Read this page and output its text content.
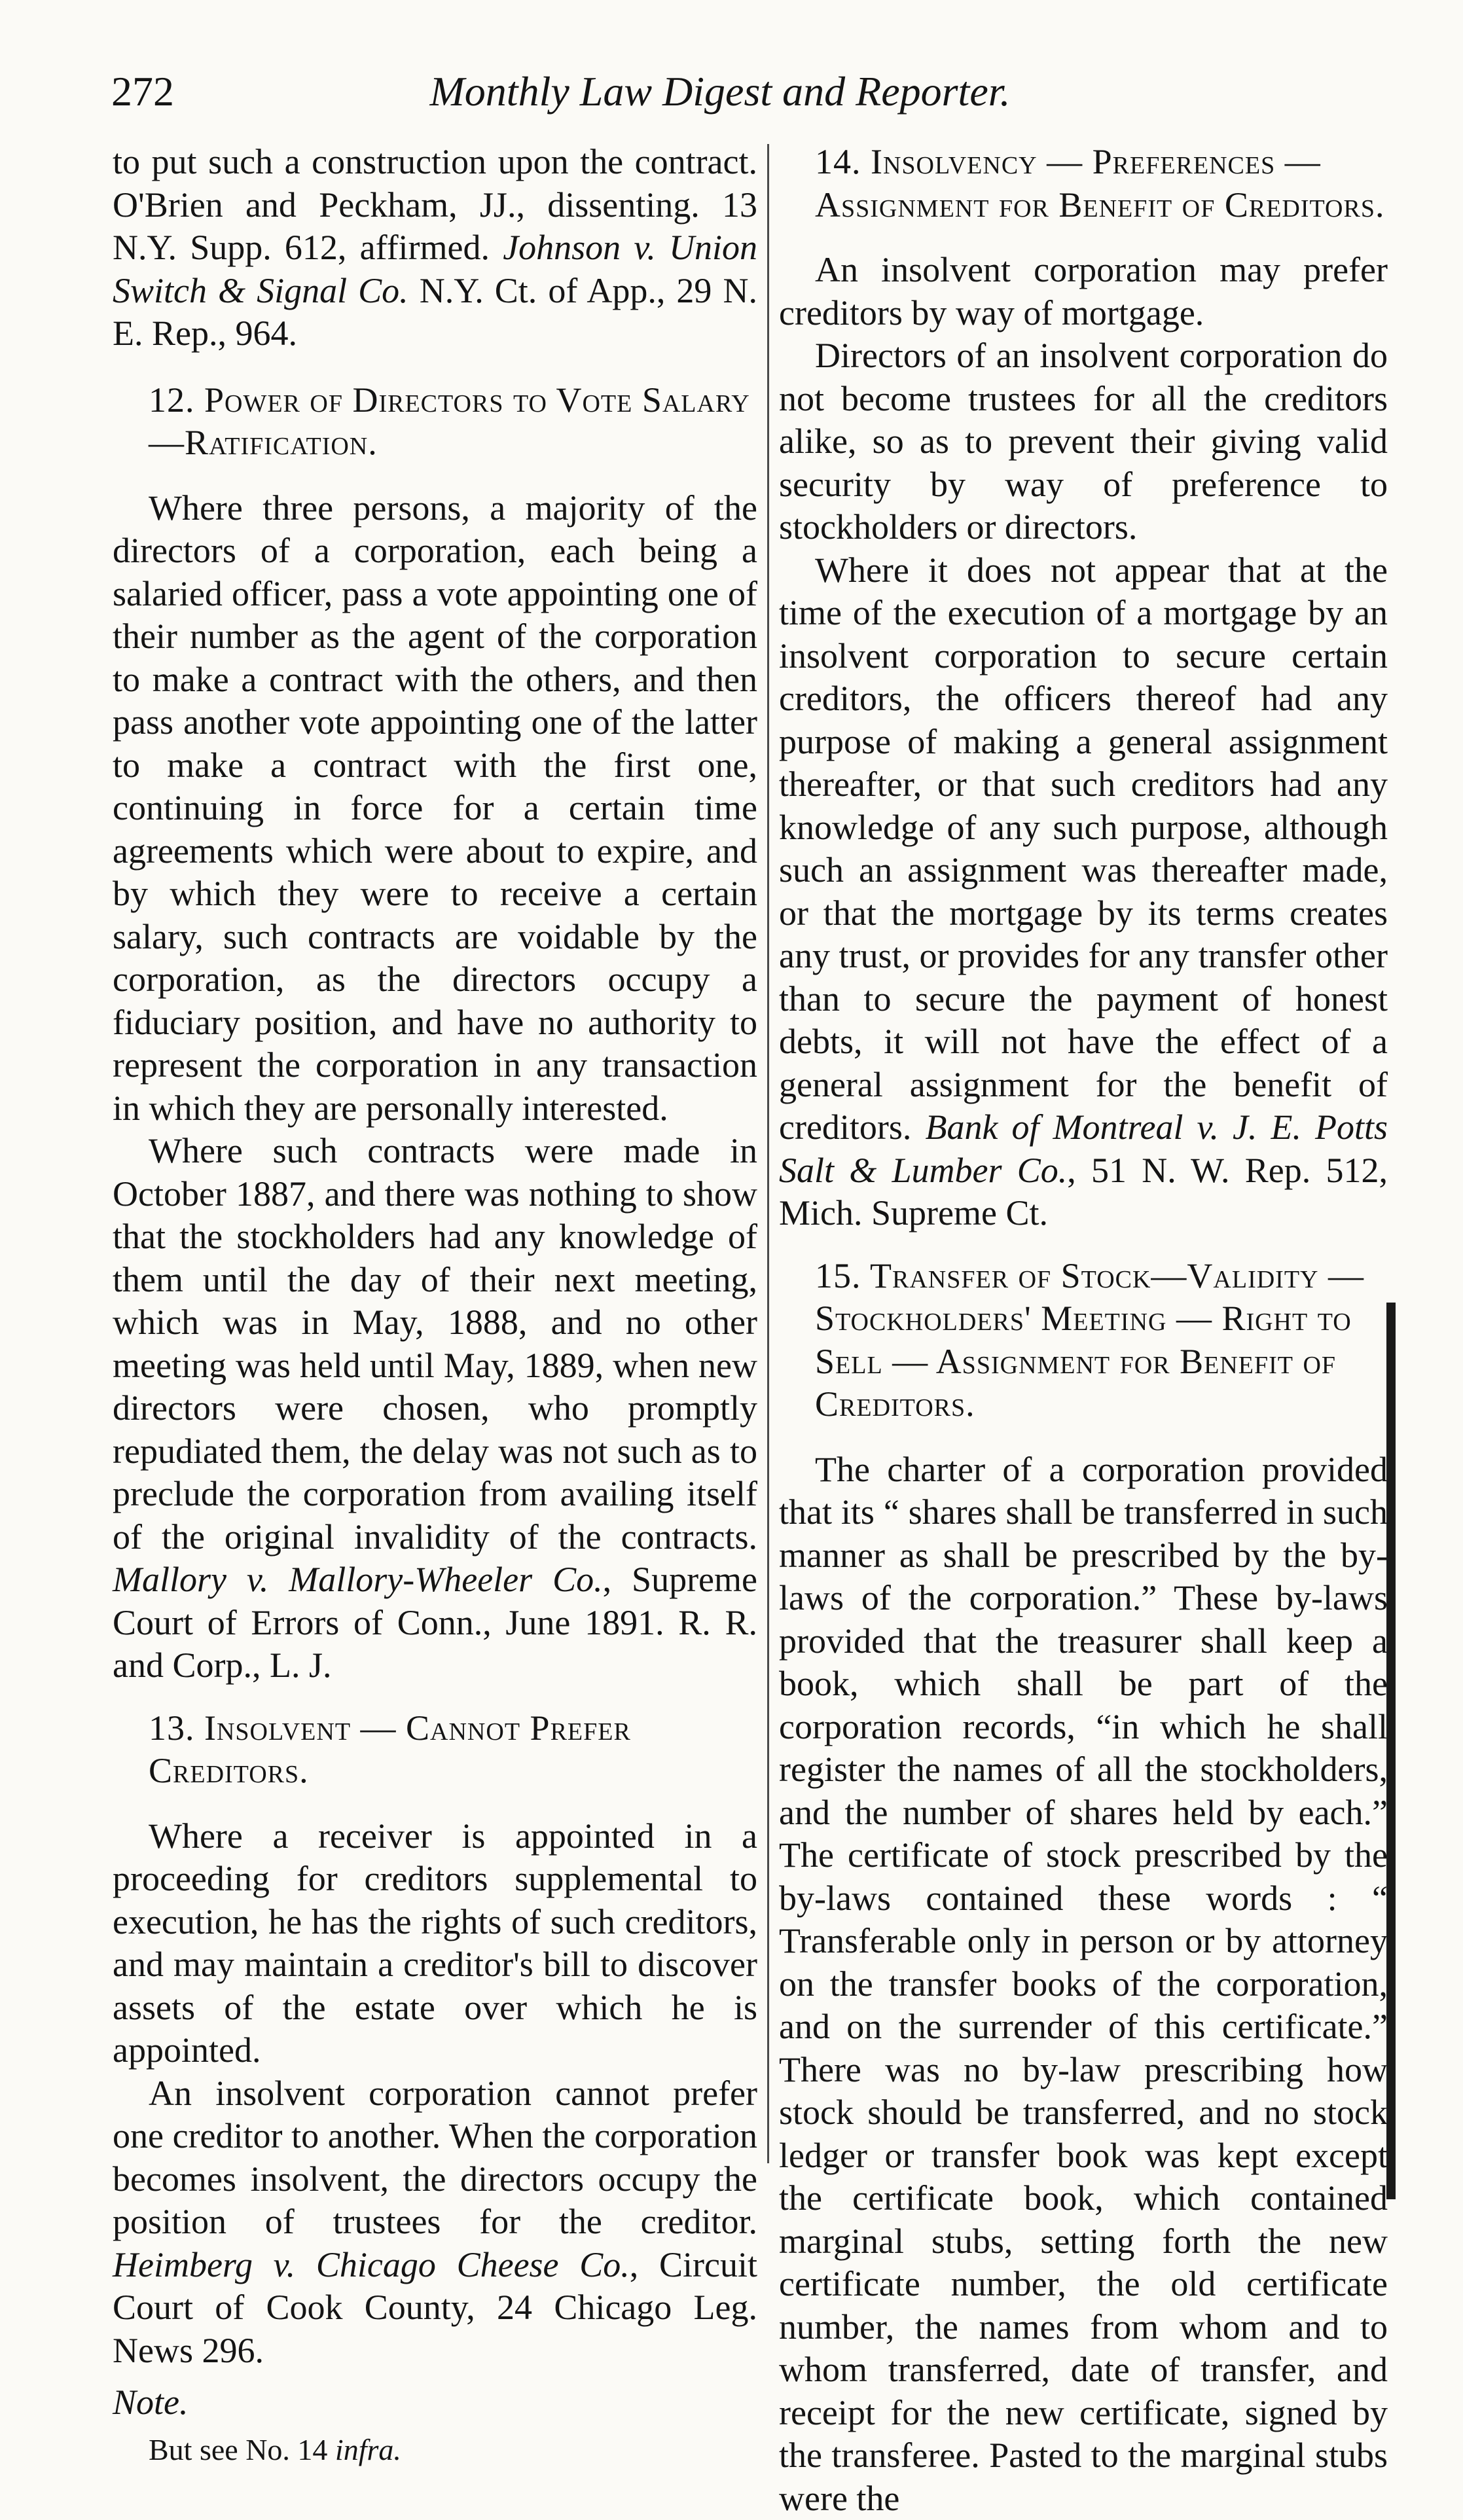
272	Monthly Law Digest and Reporter.

to put such a construction upon the contract. O'Brien and Peckham, JJ., dissenting. 13 N.Y. Supp. 612, affirmed. Johnson v. Union Switch & Signal Co. N.Y. Ct. of App., 29 N. E. Rep., 964.

12. Power of Directors to Vote Salary—Ratification.

Where three persons, a majority of the directors of a corporation, each being a salaried officer, pass a vote appointing one of their number as the agent of the corporation to make a contract with the others, and then pass another vote appointing one of the latter to make a contract with the first one, continuing in force for a certain time agreements which were about to expire, and by which they were to receive a certain salary, such contracts are voidable by the corporation, as the directors occupy a fiduciary position, and have no authority to represent the corporation in any transaction in which they are personally interested.

Where such contracts were made in October 1887, and there was nothing to show that the stockholders had any knowledge of them until the day of their next meeting, which was in May, 1888, and no other meeting was held until May, 1889, when new directors were chosen, who promptly repudiated them, the delay was not such as to preclude the corporation from availing itself of the original invalidity of the contracts. Mallory v. Mallory-Wheeler Co., Supreme Court of Errors of Conn., June 1891. R. R. and Corp., L. J.

13. Insolvent — Cannot Prefer Creditors.

Where a receiver is appointed in a proceeding for creditors supplemental to execution, he has the rights of such creditors, and may maintain a creditor's bill to discover assets of the estate over which he is appointed.

An insolvent corporation cannot prefer one creditor to another. When the corporation becomes insolvent, the directors occupy the position of trustees for the creditor. Heimberg v. Chicago Cheese Co., Circuit Court of Cook County, 24 Chicago Leg. News 296.

Note.

But see No. 14 infra.

14. Insolvency — Preferences — Assignment for Benefit of Creditors.

An insolvent corporation may prefer creditors by way of mortgage.

Directors of an insolvent corporation do not become trustees for all the creditors alike, so as to prevent their giving valid security by way of preference to stockholders or directors.

Where it does not appear that at the time of the execution of a mortgage by an insolvent corporation to secure certain creditors, the officers thereof had any purpose of making a general assignment thereafter, or that such creditors had any knowledge of any such purpose, although such an assignment was thereafter made, or that the mortgage by its terms creates any trust, or provides for any transfer other than to secure the payment of honest debts, it will not have the effect of a general assignment for the benefit of creditors. Bank of Montreal v. J. E. Potts Salt & Lumber Co., 51 N. W. Rep. 512, Mich. Supreme Ct.

15. Transfer of Stock—Validity — Stockholders' Meeting — Right to Sell — Assignment for Benefit of Creditors.

The charter of a corporation provided that its “ shares shall be transferred in such manner as shall be prescribed by the by-laws of the corporation.” These by-laws provided that the treasurer shall keep a book, which shall be part of the corporation records, “in which he shall register the names of all the stockholders, and the number of shares held by each.” The certificate of stock prescribed by the by-laws contained these words : “ Transferable only in person or by attorney on the transfer books of the corporation, and on the surrender of this certificate.” There was no by-law prescribing how stock should be transferred, and no stock ledger or transfer book was kept except the certificate book, which contained marginal stubs, setting forth the new certificate number, the old certificate number, the names from whom and to whom transferred, date of transfer, and receipt for the new certificate, signed by the transferee. Pasted to the marginal stubs were the
